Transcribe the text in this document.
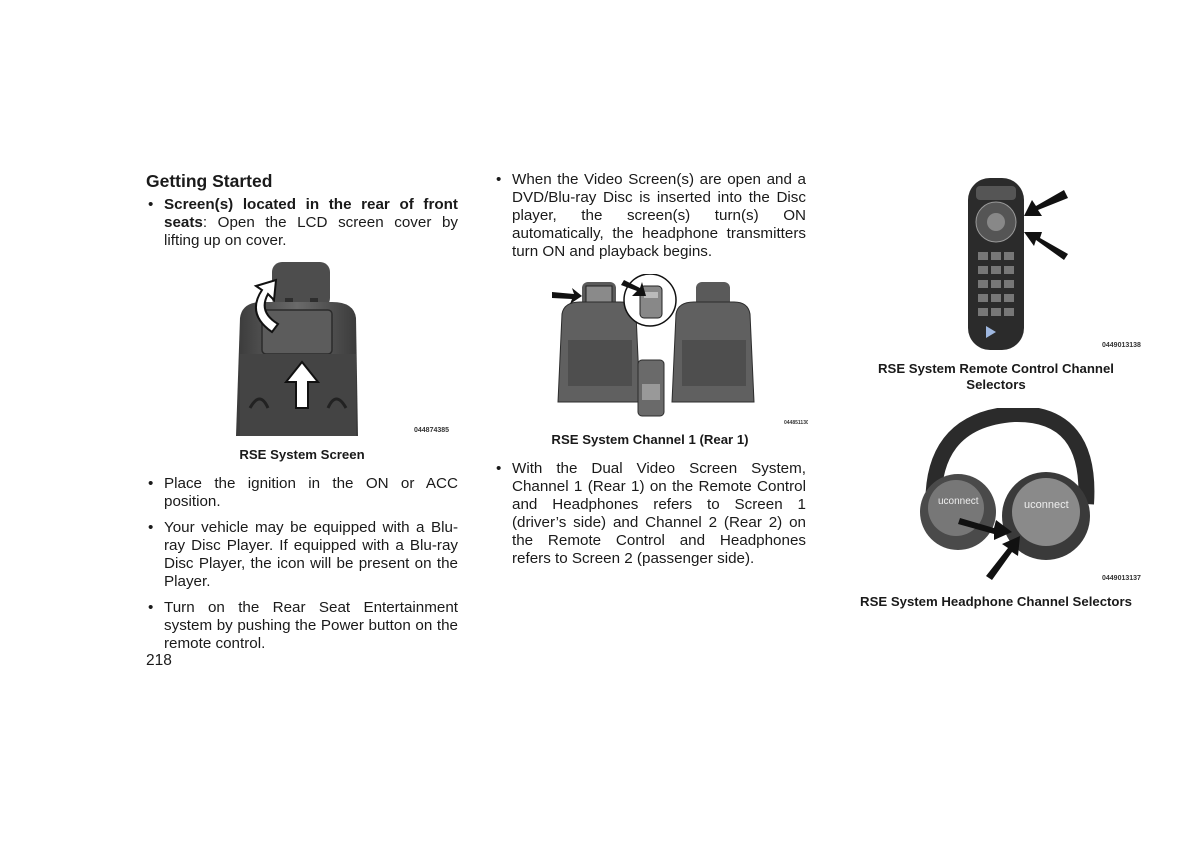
Getting Started
• Screen(s) located in the rear of front seats: Open the LCD screen cover by lifting up on cover.
044874385
RSE System Screen
• Place the ignition in the ON or ACC position.
• Your vehicle may be equipped with a Blu-ray Disc Player. If equipped with a Blu-ray Disc Player, the icon will be present on the Player.
• Turn on the Rear Seat Entertainment system by pushing the Power button on the remote control.
• When the Video Screen(s) are open and a DVD/Blu-ray Disc is inserted into the Disc player, the screen(s) turn(s) ON automatically, the headphone transmitters turn ON and playback begins.
044851130
RSE System Channel 1 (Rear 1)
• With the Dual Video Screen System, Channel 1 (Rear 1) on the Remote Control and Headphones refers to Screen 1 (driver’s side) and Channel 2 (Rear 2) on the Remote Control and Headphones refers to Screen 2 (passenger side).
0449013138
RSE System Remote Control Channel Selectors
uconnect	uconnect
0449013137
RSE System Headphone Channel Selectors
218
